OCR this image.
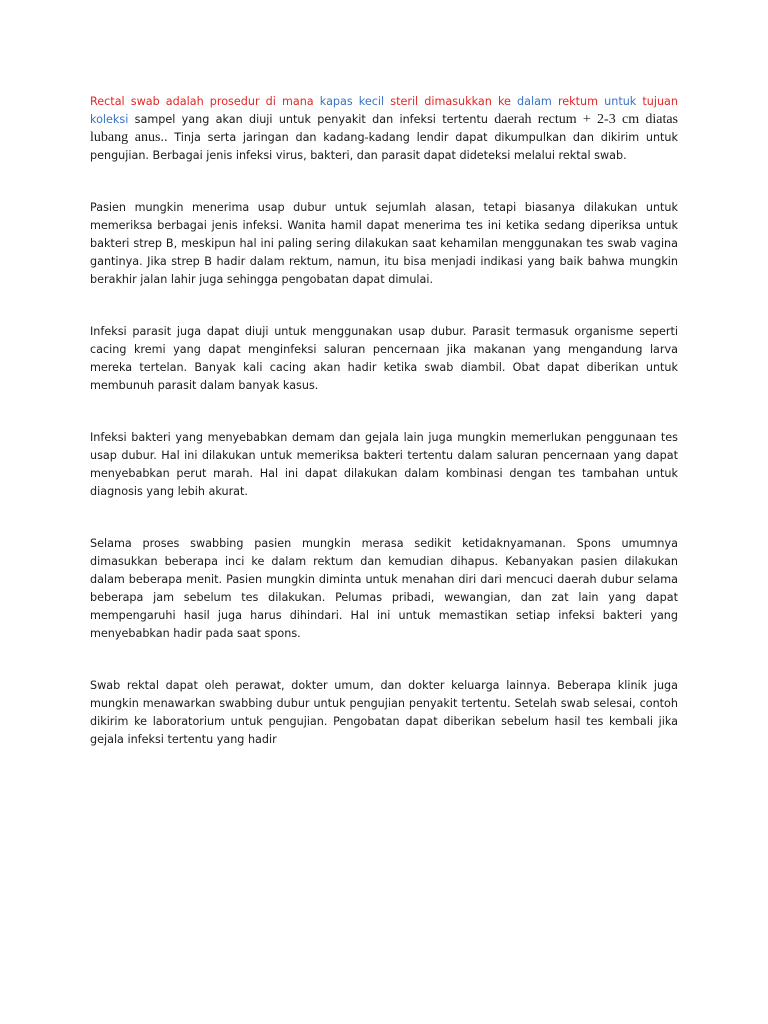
Rectal swab adalah prosedur di mana kapas kecil steril dimasukkan ke dalam rektum untuk tujuan koleksi sampel yang akan diuji untuk penyakit dan infeksi tertentu daerah rectum + 2-3 cm diatas lubang anus.. Tinja serta jaringan dan kadang-kadang lendir dapat dikumpulkan dan dikirim untuk pengujian. Berbagai jenis infeksi virus, bakteri, dan parasit dapat dideteksi melalui rektal swab.

Pasien mungkin menerima usap dubur untuk sejumlah alasan, tetapi biasanya dilakukan untuk memeriksa berbagai jenis infeksi. Wanita hamil dapat menerima tes ini ketika sedang diperiksa untuk bakteri strep B, meskipun hal ini paling sering dilakukan saat kehamilan menggunakan tes swab vagina gantinya. Jika strep B hadir dalam rektum, namun, itu bisa menjadi indikasi yang baik bahwa mungkin berakhir jalan lahir juga sehingga pengobatan dapat dimulai.

Infeksi parasit juga dapat diuji untuk menggunakan usap dubur. Parasit termasuk organisme seperti cacing kremi yang dapat menginfeksi saluran pencernaan jika makanan yang mengandung larva mereka tertelan. Banyak kali cacing akan hadir ketika swab diambil. Obat dapat diberikan untuk membunuh parasit dalam banyak kasus.

Infeksi bakteri yang menyebabkan demam dan gejala lain juga mungkin memerlukan penggunaan tes usap dubur. Hal ini dilakukan untuk memeriksa bakteri tertentu dalam saluran pencernaan yang dapat menyebabkan perut marah. Hal ini dapat dilakukan dalam kombinasi dengan tes tambahan untuk diagnosis yang lebih akurat.

Selama proses swabbing pasien mungkin merasa sedikit ketidaknyamanan. Spons umumnya dimasukkan beberapa inci ke dalam rektum dan kemudian dihapus. Kebanyakan pasien dilakukan dalam beberapa menit. Pasien mungkin diminta untuk menahan diri dari mencuci daerah dubur selama beberapa jam sebelum tes dilakukan. Pelumas pribadi, wewangian, dan zat lain yang dapat mempengaruhi hasil juga harus dihindari. Hal ini untuk memastikan setiap infeksi bakteri yang menyebabkan hadir pada saat spons.

Swab rektal dapat oleh perawat, dokter umum, dan dokter keluarga lainnya. Beberapa klinik juga mungkin menawarkan swabbing dubur untuk pengujian penyakit tertentu. Setelah swab selesai, contoh dikirim ke laboratorium untuk pengujian. Pengobatan dapat diberikan sebelum hasil tes kembali jika gejala infeksi tertentu yang hadir
